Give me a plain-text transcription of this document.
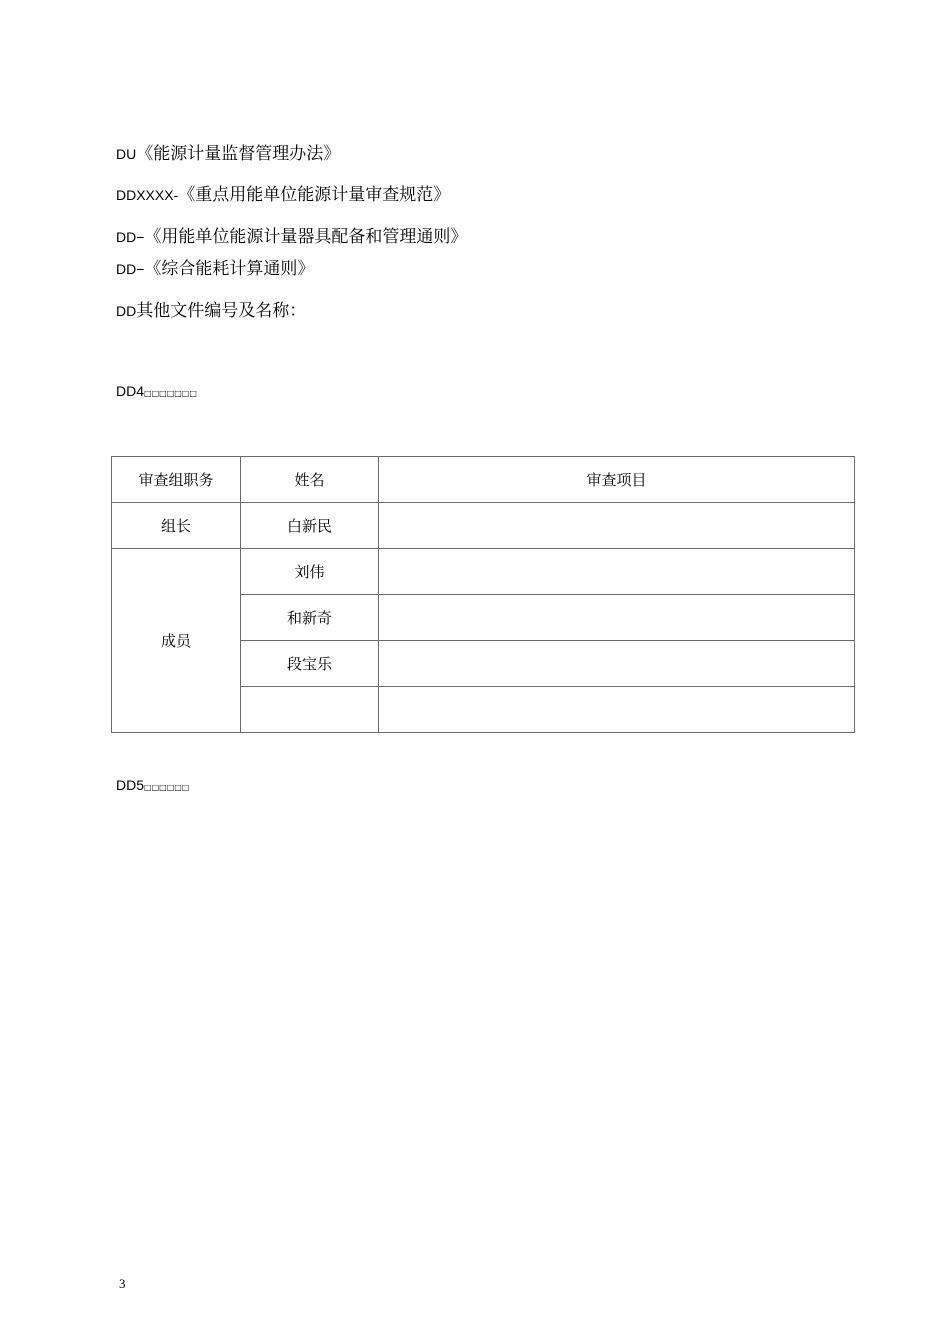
DU《能源计量监督管理办法》
DDXXXX-《重点用能单位能源计量审查规范》
DD−《用能单位能源计量器具配备和管理通则》
DD−《综合能耗计算通则》
DD其他文件编号及名称：
DD4□□□□□□□
审查组职务	姓名	审查项目
组长	白新民	
成员	刘伟	
	和新奇	
	段宝乐	

DD5□□□□□□
3
